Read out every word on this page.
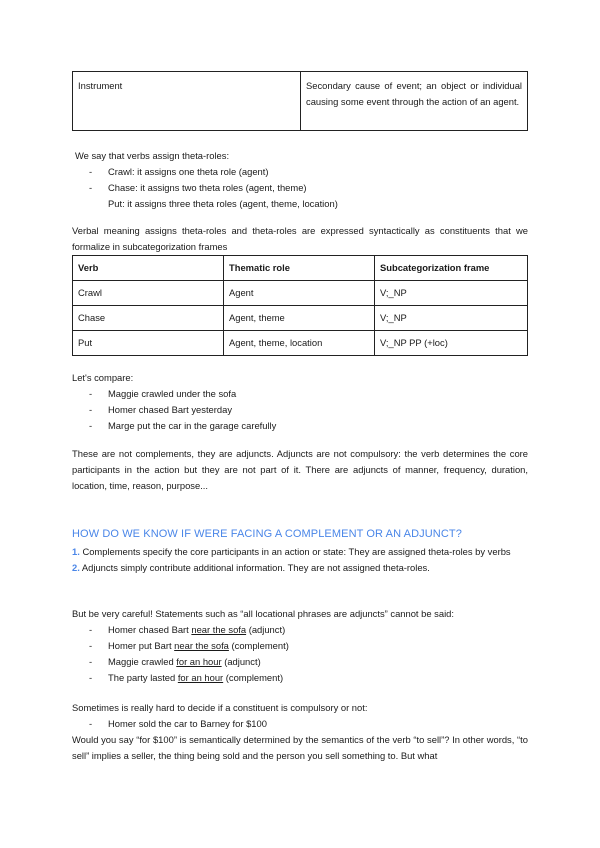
Instrument	Secondary cause of event; an object or individual causing some event through the action of an agent.
We say that verbs assign theta-roles:
- Crawl: it assigns one theta role (agent)
- Chase: it assigns two theta roles (agent, theme)
Put: it assigns three theta roles (agent, theme, location)
Verbal meaning assigns theta-roles and theta-roles are expressed syntactically as constituents that we formalize in subcategorization frames
Verb	Thematic role	Subcategorization frame
Crawl	Agent	V;_NP
Chase	Agent, theme	V;_NP
Put	Agent, theme, location	V;_NP PP (+loc)
Let's compare:
- Maggie crawled under the sofa
- Homer chased Bart yesterday
- Marge put the car in the garage carefully
These are not complements, they are adjuncts. Adjuncts are not compulsory: the verb determines the core participants in the action but they are not part of it. There are adjuncts of manner, frequency, duration, location, time, reason, purpose...
HOW DO WE KNOW IF WERE FACING A COMPLEMENT OR AN ADJUNCT?
1. Complements specify the core participants in an action or state: They are assigned theta-roles by verbs
2. Adjuncts simply contribute additional information. They are not assigned theta-roles.
But be very careful! Statements such as “all locational phrases are adjuncts” cannot be said:
- Homer chased Bart near the sofa (adjunct)
- Homer put Bart near the sofa (complement)
- Maggie crawled for an hour (adjunct)
- The party lasted for an hour (complement)
Sometimes is really hard to decide if a constituent is compulsory or not:
- Homer sold the car to Barney for $100
Would you say “for $100” is semantically determined by the semantics of the verb “to sell”? In other words, “to sell” implies a seller, the thing being sold and the person you sell something to. But what
